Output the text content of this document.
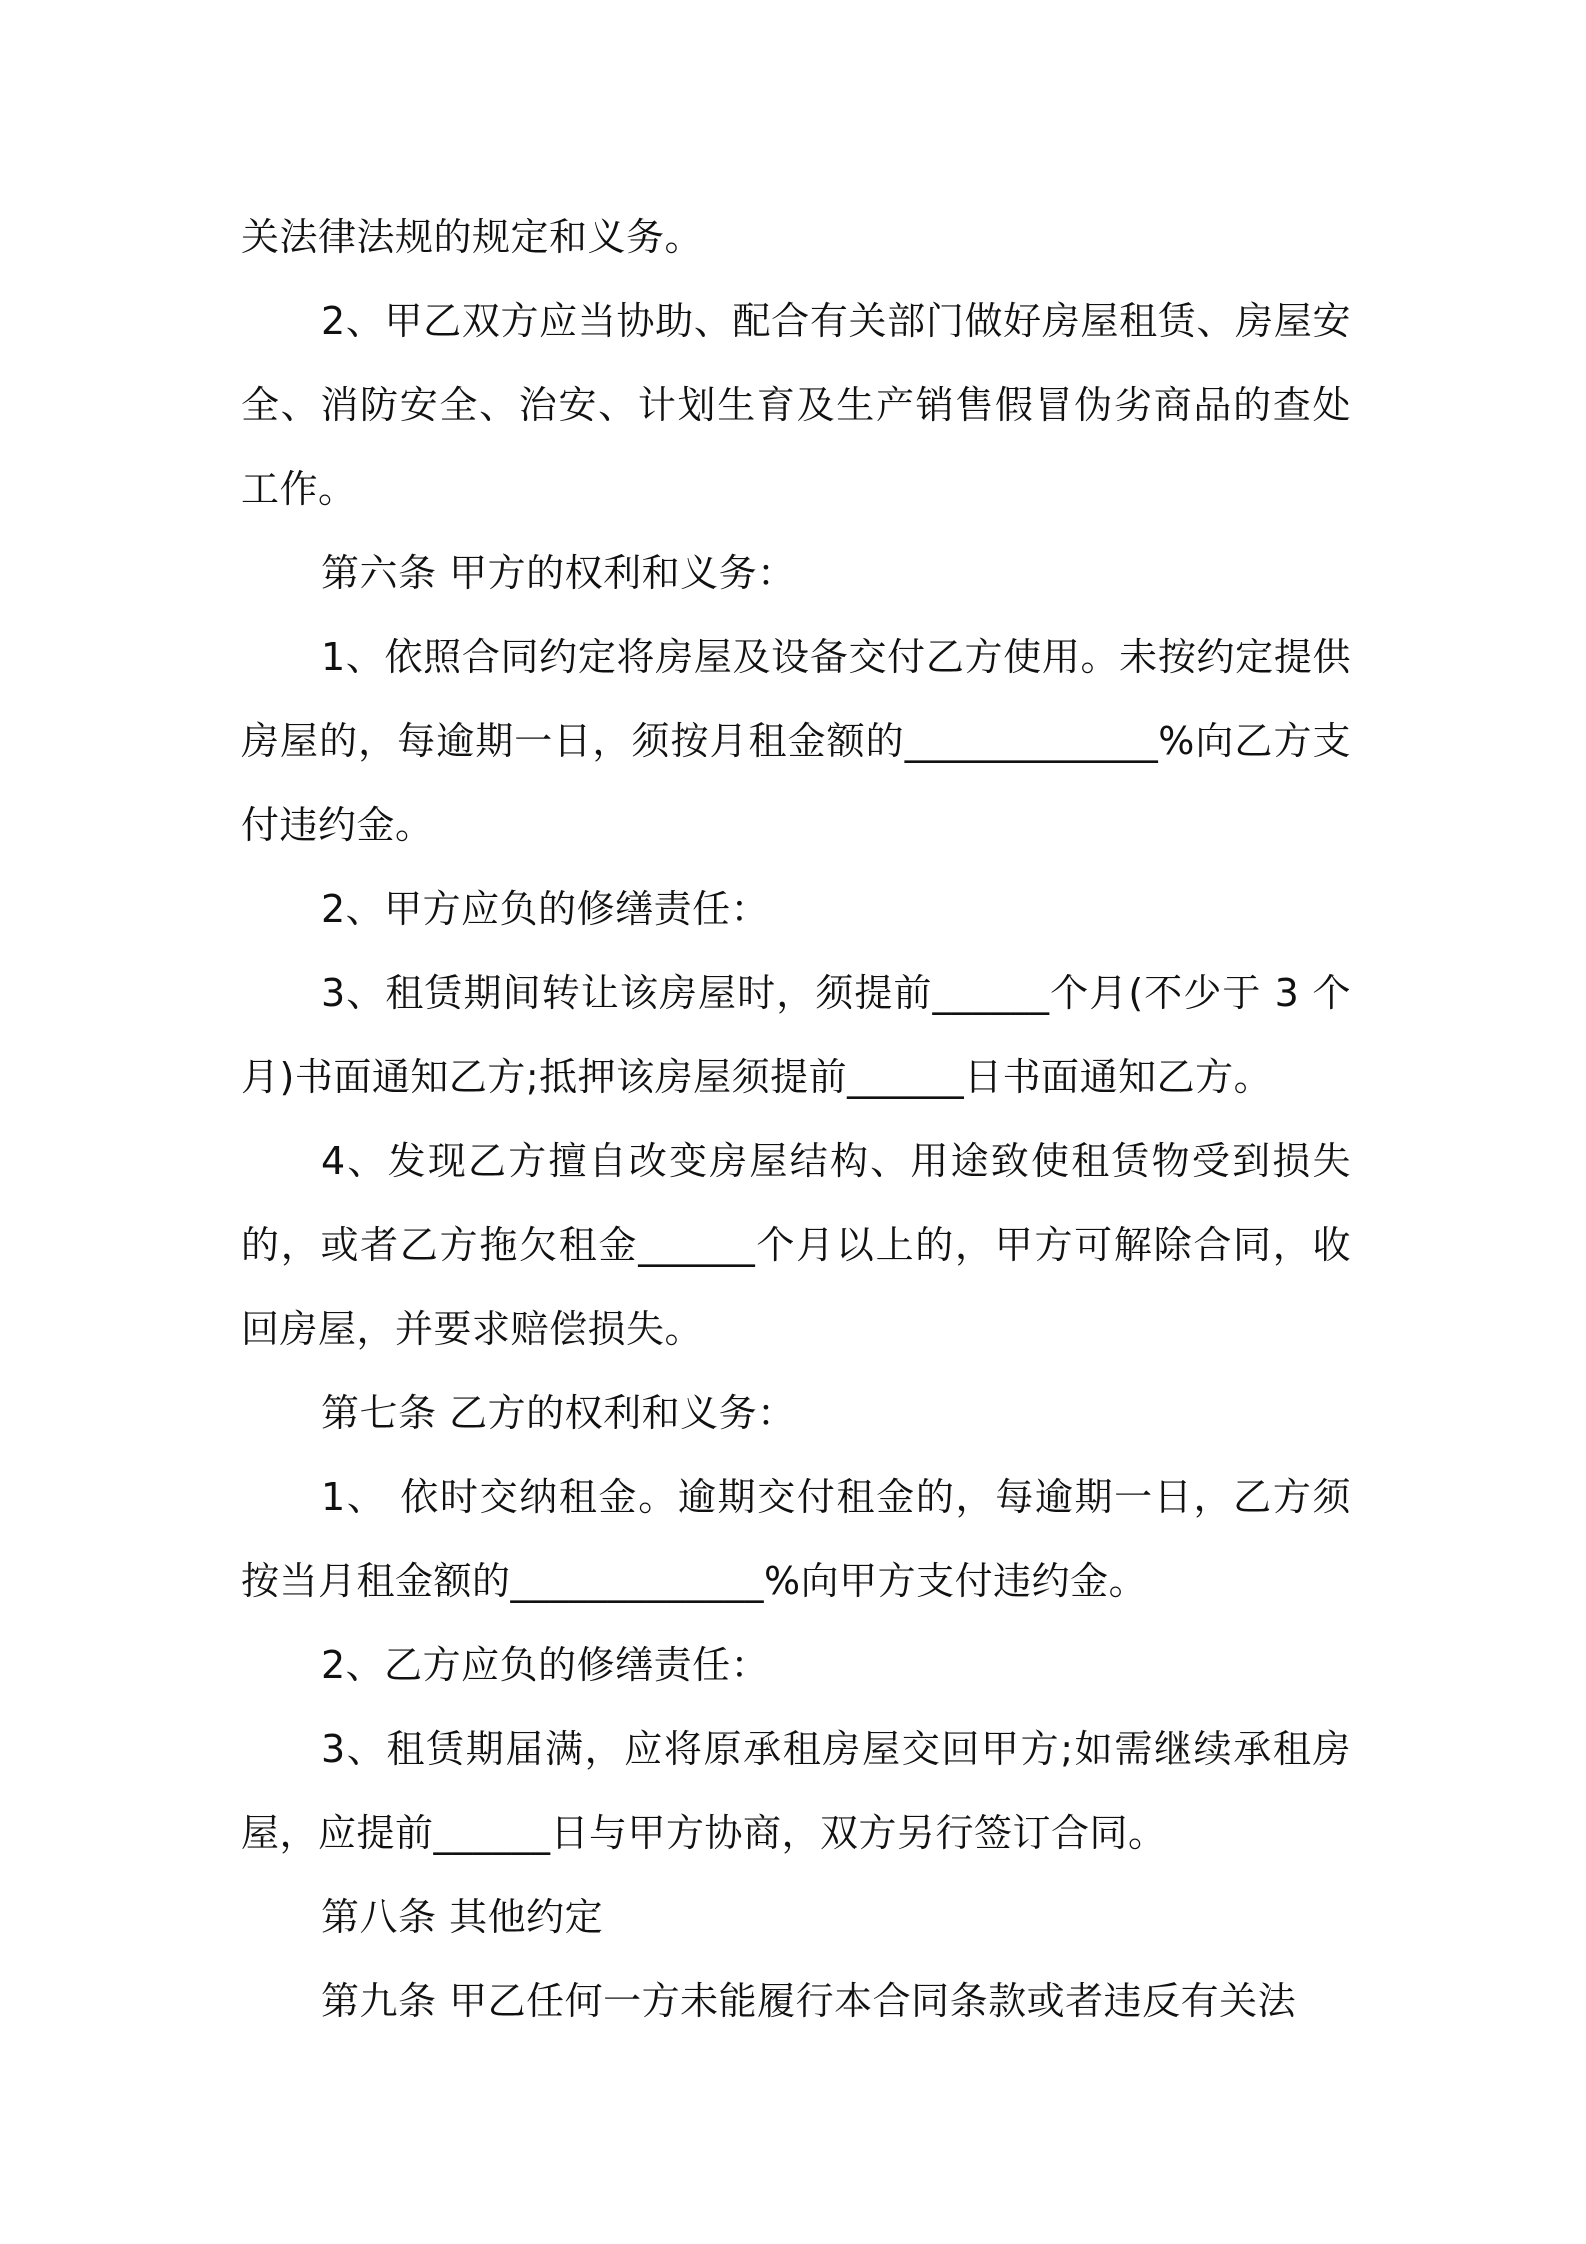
关法律法规的规定和义务。

2、甲乙双方应当协助、配合有关部门做好房屋租赁、房屋安全、消防安全、治安、计划生育及生产销售假冒伪劣商品的查处工作。

第六条 甲方的权利和义务：

1、依照合同约定将房屋及设备交付乙方使用。未按约定提供房屋的，每逾期一日，须按月租金额的_____________%向乙方支付违约金。

2、甲方应负的修缮责任：

3、租赁期间转让该房屋时，须提前______个月(不少于 3 个月)书面通知乙方;抵押该房屋须提前______日书面通知乙方。

4、发现乙方擅自改变房屋结构、用途致使租赁物受到损失的，或者乙方拖欠租金______个月以上的，甲方可解除合同，收回房屋，并要求赔偿损失。

第七条 乙方的权利和义务：

1、 依时交纳租金。逾期交付租金的，每逾期一日，乙方须按当月租金额的_____________%向甲方支付违约金。

2、乙方应负的修缮责任：

3、租赁期届满，应将原承租房屋交回甲方;如需继续承租房屋，应提前______日与甲方协商，双方另行签订合同。

第八条 其他约定

第九条 甲乙任何一方未能履行本合同条款或者违反有关法
